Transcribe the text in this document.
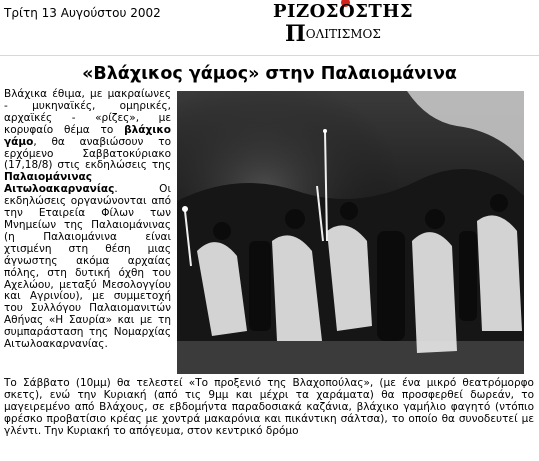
Τρίτη 13 Αυγούστου 2002	ΡΙΖΟΣΟΣΤΗΣ
ΠΟΛΙΤΙΣΜΟΣ
«Βλάχικος γάμος» στην Παλαιομάνινα

Βλάχικα έθιμα, με μακραίωνες - μυκηναϊκές, ομηρικές, αρχαϊκές - «ρίζες», με κορυφαίο θέμα το βλάχικο γάμο, θα αναβιώσουν το ερχόμενο Σαββατοκύριακο (17,18/8) στις εκδηλώσεις της Παλαιομάνινας Αιτωλοακαρνανίας. Οι εκδηλώσεις οργανώνονται από την Εταιρεία Φίλων των Μνημείων της Παλαιομάνινας (η Παλαιομάνινα είναι χτισμένη στη θέση μιας άγνωστης ακόμα αρχαίας πόλης, στη δυτική όχθη του Αχελώου, μεταξύ Μεσολογγίου και Αγρινίου), με συμμετοχή του Συλλόγου Παλαιομανιτών Αθήνας «Η Σαυρία» και με τη συμπαράσταση της Νομαρχίας Αιτωλοακαρνανίας.

Το Σάββατο (10μμ) θα τελεστεί «Το προξενιό της Βλαχοπούλας», (με ένα μικρό θεατρόμορφο σκετς), ενώ την Κυριακή (από τις 9μμ και μέχρι τα χαράματα) θα προσφερθεί δωρεάν, το μαγειρεμένο από Βλάχους, σε εβδομήντα παραδοσιακά καζάνια, βλάχικο γαμήλιο φαγητό (ντόπιο φρέσκο προβατίσιο κρέας με χοντρά μακαρόνια και πικάντικη σάλτσα), το οποίο θα συνοδευτεί με γλέντι. Την Κυριακή το απόγευμα, στον κεντρικό δρόμο
